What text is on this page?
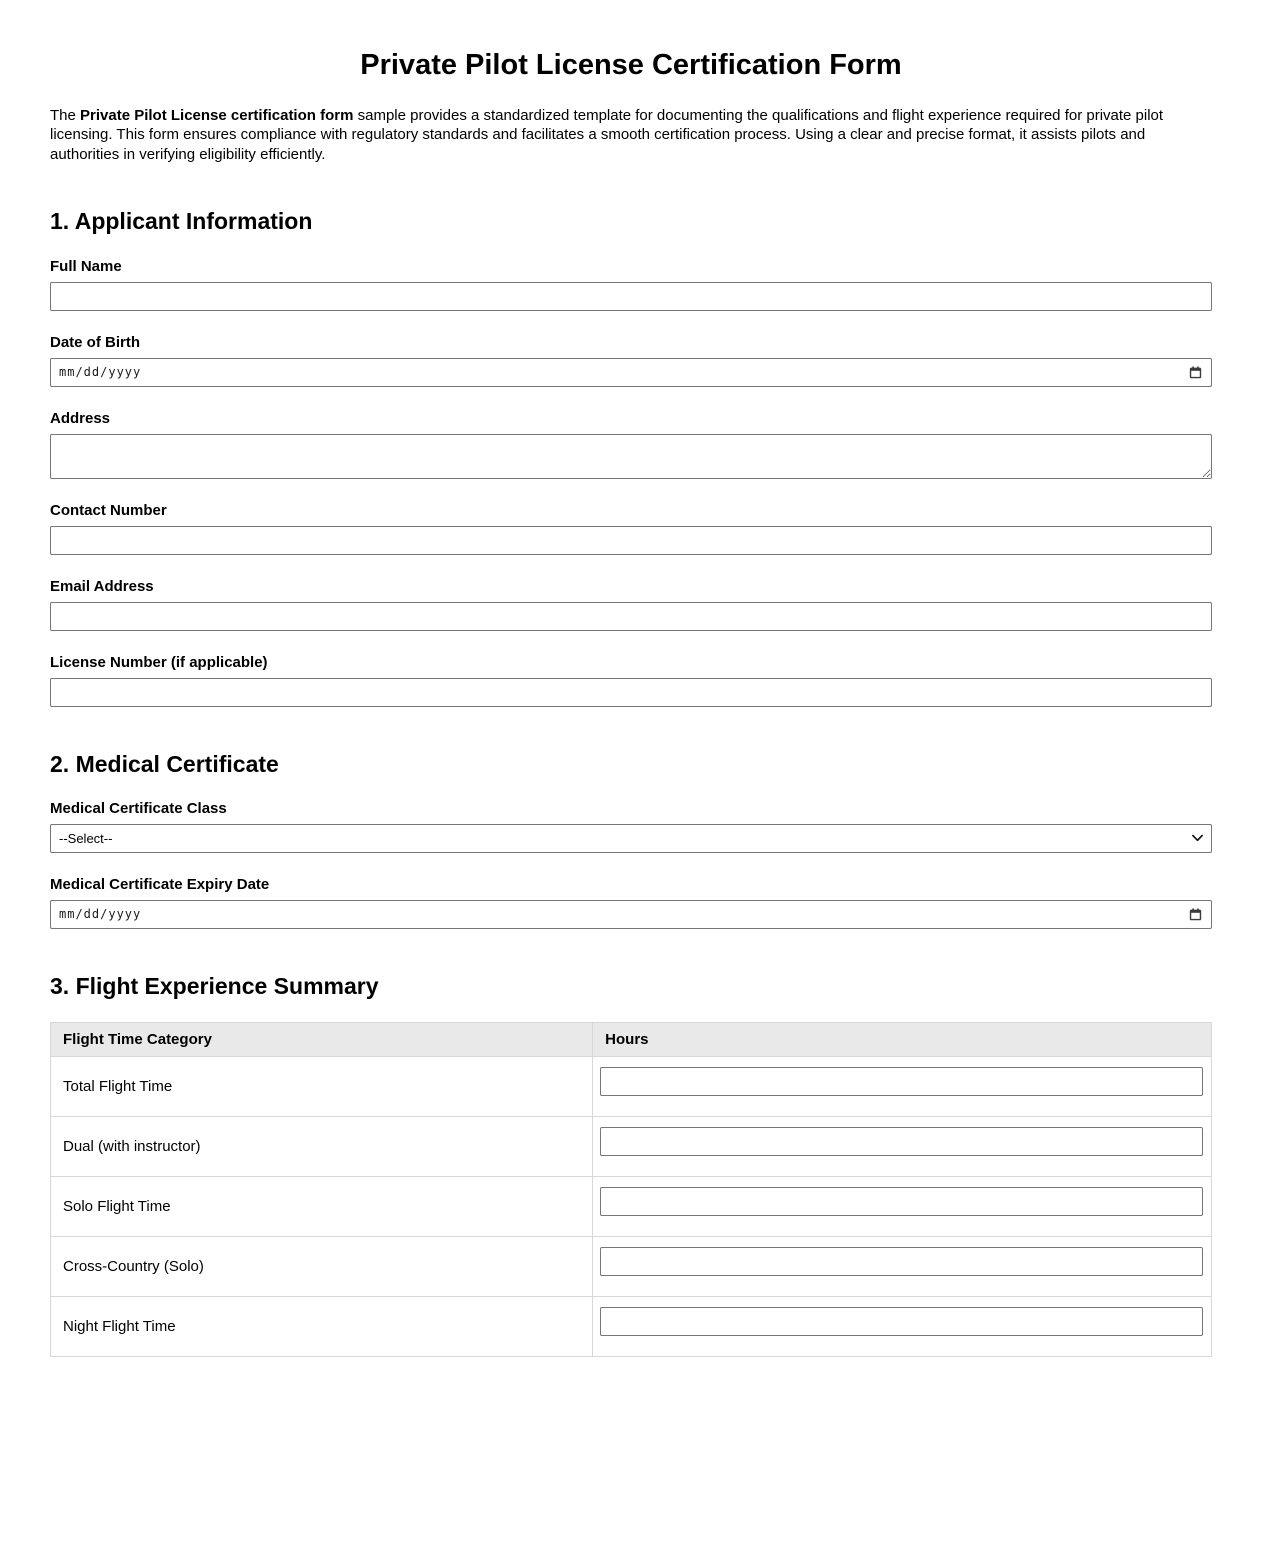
Private Pilot License Certification Form

The Private Pilot License certification form sample provides a standardized template for documenting the qualifications and flight experience required for private pilot licensing. This form ensures compliance with regulatory standards and facilitates a smooth certification process. Using a clear and precise format, it assists pilots and authorities in verifying eligibility efficiently.

1. Applicant Information
Full Name
Date of Birth
mm/dd/yyyy
Address
Contact Number
Email Address
License Number (if applicable)
2. Medical Certificate
Medical Certificate Class
--Select--
Medical Certificate Expiry Date
mm/dd/yyyy
3. Flight Experience Summary
Flight Time Category	Hours
Total Flight Time	

Dual (with instructor)	

Solo Flight Time	

Cross-Country (Solo)	

Night Flight Time	
